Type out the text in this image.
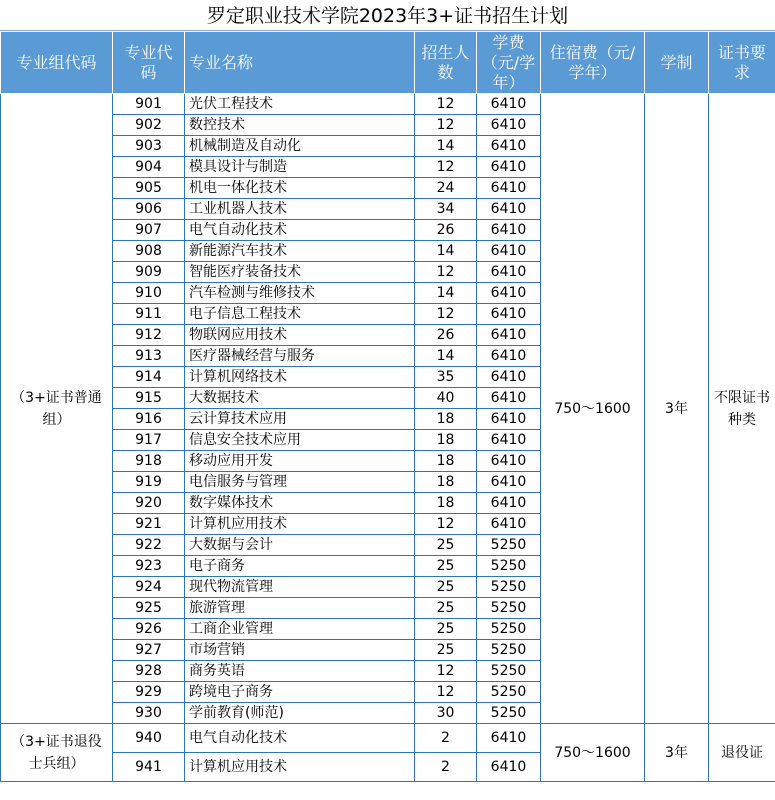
罗定职业技术学院2023年3+证书招生计划
专业组代码	专业代码	专业名称	招生人数	学费（元/学年）	住宿费（元/学年）	学制	证书要求
（3+证书普通组）	901	光伏工程技术	12	6410	750～1600	3年	不限证书种类
	902	数控技术	12	6410			
	903	机械制造及自动化	14	6410			
	904	模具设计与制造	12	6410			
	905	机电一体化技术	24	6410			
	906	工业机器人技术	34	6410			
	907	电气自动化技术	26	6410			
	908	新能源汽车技术	14	6410			
	909	智能医疗装备技术	12	6410			
	910	汽车检测与维修技术	14	6410			
	911	电子信息工程技术	12	6410			
	912	物联网应用技术	26	6410			
	913	医疗器械经营与服务	14	6410			
	914	计算机网络技术	35	6410			
	915	大数据技术	40	6410			
	916	云计算技术应用	18	6410			
	917	信息安全技术应用	18	6410			
	918	移动应用开发	18	6410			
	919	电信服务与管理	18	6410			
	920	数字媒体技术	18	6410			
	921	计算机应用技术	12	6410			
	922	大数据与会计	25	5250			
	923	电子商务	25	5250			
	924	现代物流管理	25	5250			
	925	旅游管理	25	5250			
	926	工商企业管理	25	5250			
	927	市场营销	25	5250			
	928	商务英语	12	5250			
	929	跨境电子商务	12	5250			
	930	学前教育(师范)	30	5250			
（3+证书退役士兵组）	940	电气自动化技术	2	6410	750～1600	3年	退役证
	941	计算机应用技术	2	6410			
